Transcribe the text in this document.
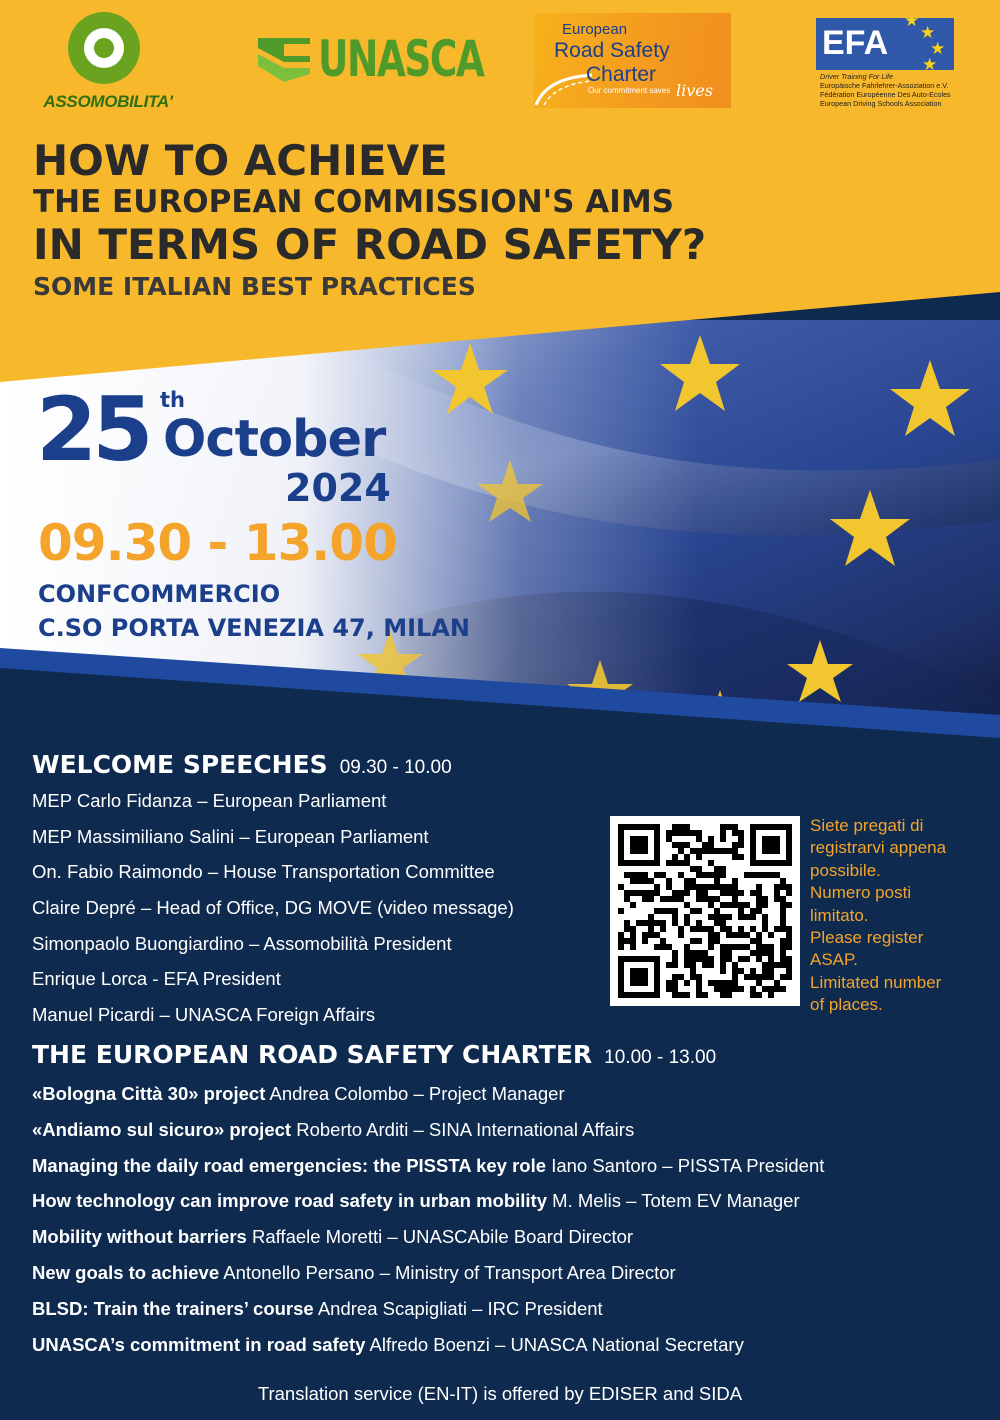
ASSOMOBILITA'
UNASCA
European
Road Safety
Charter
Our commitment saves lives
EFA
★
★
★
★
Driver Training For Life
Europäische Fahrlehrer-Assoziation e.V.
Fédération Européenne Des Auto-Ecoles
European Driving Schools Association
HOW TO ACHIEVE
THE EUROPEAN COMMISSION'S AIMS
IN TERMS OF ROAD SAFETY?
SOME ITALIAN BEST PRACTICES
25 th
October
2024
09.30 - 13.00
CONFCOMMERCIO
C.SO PORTA VENEZIA 47, MILAN
WELCOME SPEECHES 09.30 - 10.00
MEP Carlo Fidanza – European Parliament
MEP Massimiliano Salini – European Parliament
On. Fabio Raimondo – House Transportation Committee
Claire Depré – Head of Office, DG MOVE (video message)
Simonpaolo Buongiardino – Assomobilità President
Enrique Lorca - EFA President
Manuel Picardi – UNASCA Foreign Affairs
Siete pregati di
registrarvi appena
possibile.
Numero posti
limitato.
Please register
ASAP.
Limitated number
of places.
THE EUROPEAN ROAD SAFETY CHARTER 10.00 - 13.00
«Bologna Città 30» project Andrea Colombo – Project Manager
«Andiamo sul sicuro» project Roberto Arditi – SINA International Affairs
Managing the daily road emergencies: the PISSTA key role Iano Santoro – PISSTA President
How technology can improve road safety in urban mobility M. Melis – Totem EV Manager
Mobility without barriers Raffaele Moretti – UNASCAbile Board Director
New goals to achieve Antonello Persano – Ministry of Transport Area Director
BLSD: Train the trainers’ course Andrea Scapigliati – IRC President
UNASCA’s commitment in road safety Alfredo Boenzi – UNASCA National Secretary
Translation service (EN-IT) is offered by EDISER and SIDA
